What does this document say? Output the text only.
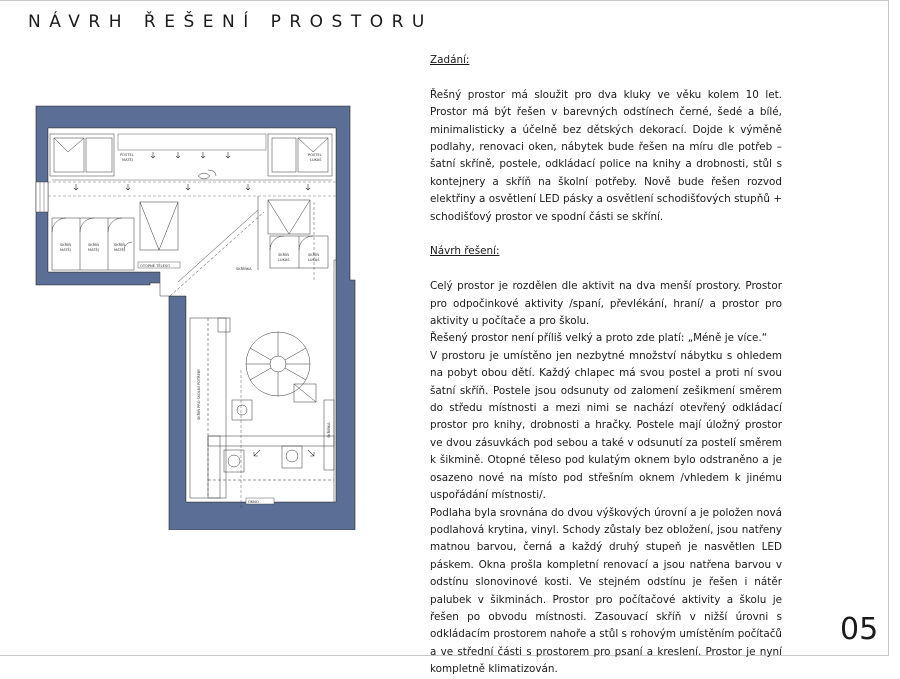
NÁVRH ŘEŠENÍ PROSTORU
POSTEL
MATĚJ
POSTEL
LUKÁŠ
SKŘÍŇ
MATĚJ
SKŘÍŇ
MATĚJ
SKŘÍŇ
MATĚJ
OTOPNÉ TĚLESO
SKŘÍŇKA
SKŘÍŇ
LUKÁŠ
SKŘÍŇ
LUKÁŠ
SKŘÍŇ PRO ŠKOLNÍ POTŘEBY
SKŘÍŇKA
OKNO

Zadání:

Řešný prostor má sloužit pro dva kluky ve věku kolem 10 let. Prostor má být řešen v barevných odstínech černé, šedé a bílé, minimalisticky a účelně bez dětských dekorací. Dojde k výměně podlahy, renovaci oken, nábytek bude řešen na míru dle potřeb – šatní skříně, postele, odkládací police na knihy a drobnosti, stůl s kontejnery a skříň na školní potřeby. Nově bude řešen rozvod elektřiny a osvětlení LED pásky a osvětlení schodišťových stupňů + schodišťový prostor ve spodní části se skříní.

Návrh řešení:

Celý prostor je rozdělen dle aktivit na dva menší prostory. Prostor pro odpočinkové aktivity /spaní, převlékání, hraní/ a prostor pro aktivity u počítače a pro školu.

Řešený prostor není příliš velký a proto zde platí: „Méně je více.“

V prostoru je umístěno jen nezbytné množství nábytku s ohledem na pobyt obou dětí. Každý chlapec má svou postel a proti ní svou šatní skříň. Postele jsou odsunuty od zalomení zešikmení směrem do středu místnosti a mezi nimi se nachází otevřený odkládací prostor pro knihy, drobnosti a hračky. Postele mají úložný prostor ve dvou zásuvkách pod sebou a také v odsunutí za postelí směrem k šikmině. Otopné těleso pod kulatým oknem bylo odstraněno a je osazeno nové na místo pod střešním oknem /vhledem k jinému uspořádání místnosti/.

Podlaha byla srovnána do dvou výškových úrovní a je položen nová podlahová krytina, vinyl. Schody zůstaly bez obložení, jsou natřeny matnou barvou, černá a každý druhý stupeň je nasvětlen LED páskem. Okna prošla kompletní renovací a jsou natřena barvou v odstínu slonovinové kosti. Ve stejném odstínu je řešen i nátěr palubek v šikminách. Prostor pro počítačové aktivity a školu je řešen po obvodu místnosti. Zasouvací skříň v nižší úrovni s odkládacím prostorem nahoře a stůl s rohovým umístěním počítačů a ve střední části s prostorem pro psaní a kreslení. Prostor je nyní kompletně klimatizován.

05
